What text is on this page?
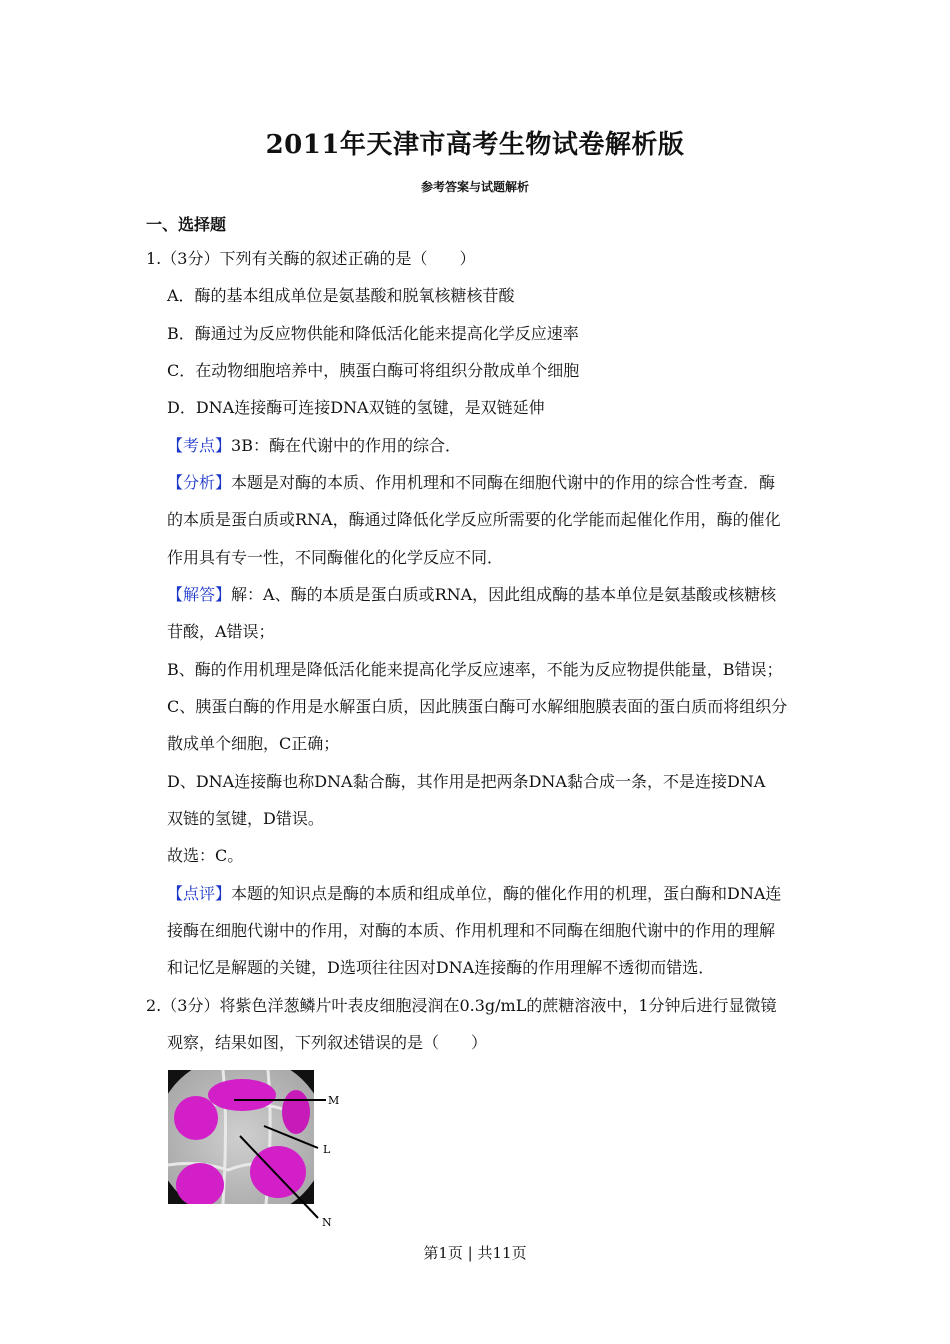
2011年天津市高考生物试卷解析版
参考答案与试题解析
一、选择题
1.（3分）下列有关酶的叙述正确的是（　　）
A．酶的基本组成单位是氨基酸和脱氧核糖核苷酸
B．酶通过为反应物供能和降低活化能来提高化学反应速率
C．在动物细胞培养中，胰蛋白酶可将组织分散成单个细胞
D．DNA连接酶可连接DNA双链的氢键，是双链延伸
【考点】3B：酶在代谢中的作用的综合．
【分析】本题是对酶的本质、作用机理和不同酶在细胞代谢中的作用的综合性考查．酶
的本质是蛋白质或RNA，酶通过降低化学反应所需要的化学能而起催化作用，酶的催化
作用具有专一性，不同酶催化的化学反应不同．
【解答】解：A、酶的本质是蛋白质或RNA，因此组成酶的基本单位是氨基酸或核糖核
苷酸，A错误；
B、酶的作用机理是降低活化能来提高化学反应速率，不能为反应物提供能量，B错误；
C、胰蛋白酶的作用是水解蛋白质，因此胰蛋白酶可水解细胞膜表面的蛋白质而将组织分
散成单个细胞，C正确；
D、DNA连接酶也称DNA黏合酶，其作用是把两条DNA黏合成一条，不是连接DNA
双链的氢键，D错误。
故选：C。
【点评】本题的知识点是酶的本质和组成单位，酶的催化作用的机理，蛋白酶和DNA连
接酶在细胞代谢中的作用，对酶的本质、作用机理和不同酶在细胞代谢中的作用的理解
和记忆是解题的关键，D选项往往因对DNA连接酶的作用理解不透彻而错选．
2.（3分）将紫色洋葱鳞片叶表皮细胞浸润在0.3g/mL的蔗糖溶液中，1分钟后进行显微镜
观察，结果如图，下列叙述错误的是（　　）
M
L
N
第1页 | 共11页
